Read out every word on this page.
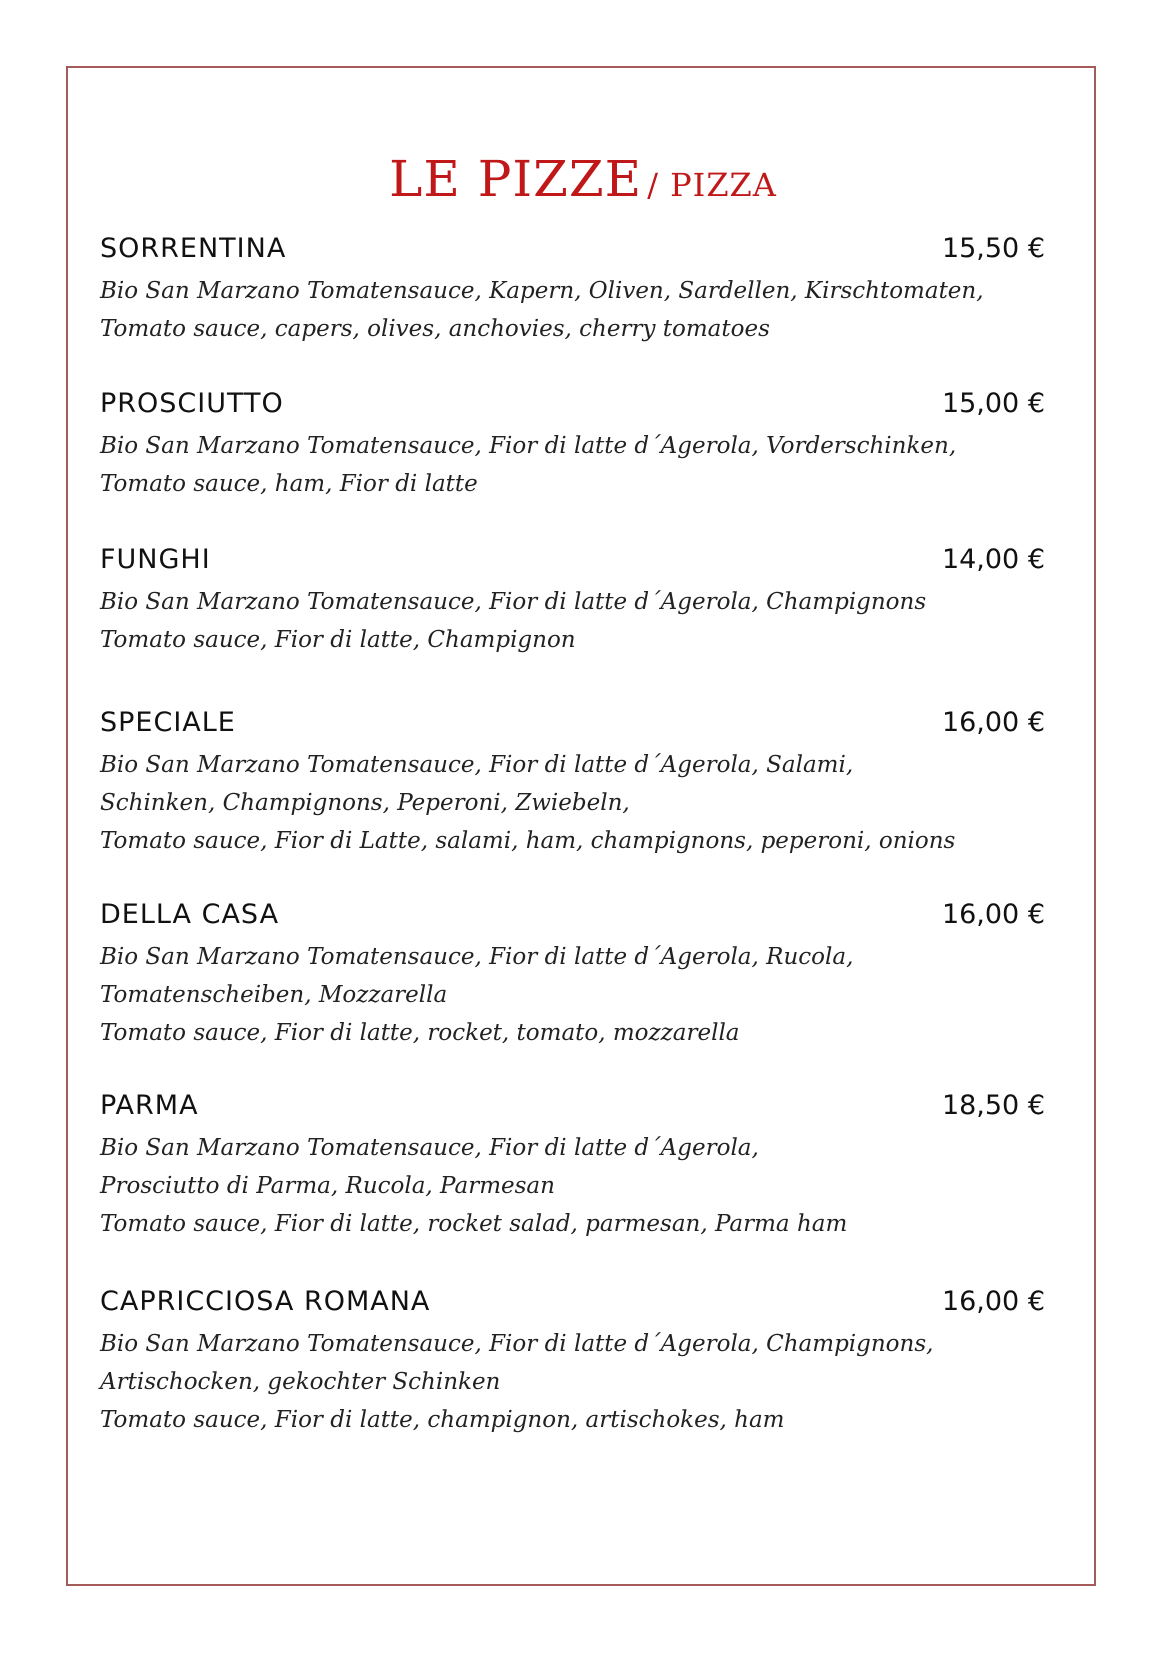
LE PIZZE / PIZZA
SORRENTINA	15,50 €
Bio San Marzano Tomatensauce, Kapern, Oliven, Sardellen, Kirschtomaten,
Tomato sauce, capers, olives, anchovies, cherry tomatoes
PROSCIUTTO	15,00 €
Bio San Marzano Tomatensauce, Fior di latte d´Agerola, Vorderschinken,
Tomato sauce, ham, Fior di latte
FUNGHI	14,00 €
Bio San Marzano Tomatensauce, Fior di latte d´Agerola, Champignons
Tomato sauce, Fior di latte, Champignon
SPECIALE	16,00 €
Bio San Marzano Tomatensauce, Fior di latte d´Agerola, Salami,
Schinken, Champignons, Peperoni, Zwiebeln,
Tomato sauce, Fior di Latte, salami, ham, champignons, peperoni, onions
DELLA CASA	16,00 €
Bio San Marzano Tomatensauce, Fior di latte d´Agerola, Rucola,
Tomatenscheiben, Mozzarella
Tomato sauce, Fior di latte, rocket, tomato, mozzarella
PARMA	18,50 €
Bio San Marzano Tomatensauce, Fior di latte d´Agerola,
Prosciutto di Parma, Rucola, Parmesan
Tomato sauce, Fior di latte, rocket salad, parmesan, Parma ham
CAPRICCIOSA ROMANA	16,00 €
Bio San Marzano Tomatensauce, Fior di latte d´Agerola, Champignons,
Artischocken, gekochter Schinken
Tomato sauce, Fior di latte, champignon, artischokes, ham
